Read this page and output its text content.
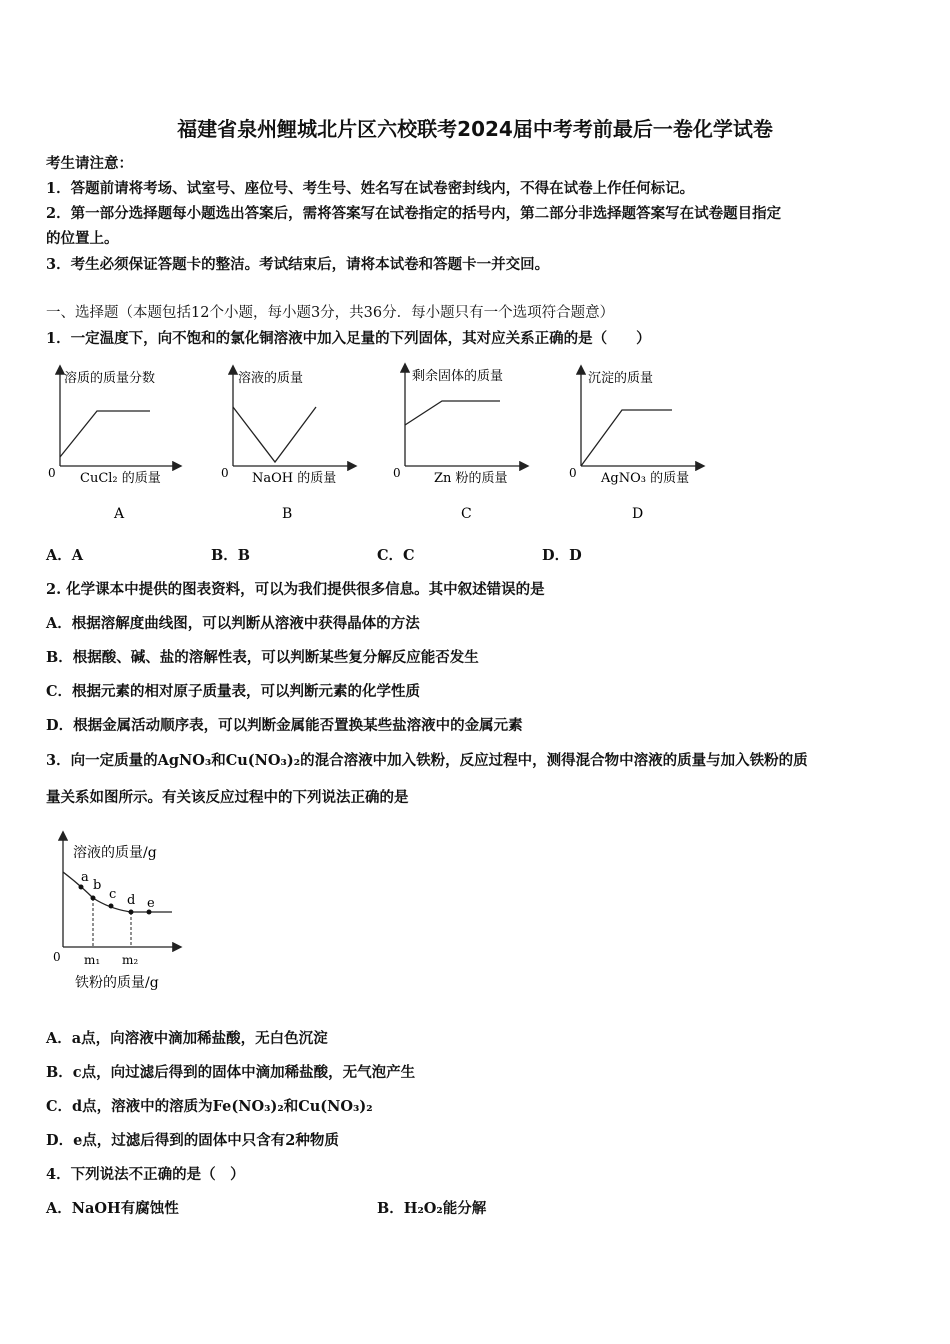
福建省泉州鲤城北片区六校联考2024届中考考前最后一卷化学试卷
考生请注意：
1．答题前请将考场、试室号、座位号、考生号、姓名写在试卷密封线内，不得在试卷上作任何标记。
2．第一部分选择题每小题选出答案后，需将答案写在试卷指定的括号内，第二部分非选择题答案写在试卷题目指定
的位置上。
3．考生必须保证答题卡的整洁。考试结束后，请将本试卷和答题卡一并交回。
一、选择题（本题包括12个小题，每小题3分，共36分．每小题只有一个选项符合题意）
1．一定温度下，向不饱和的氯化铜溶液中加入足量的下列固体，其对应关系正确的是（　　）
溶质的质量分数
CuCl₂ 的质量
0
A
溶液的质量
NaOH 的质量
0
B
剩余固体的质量
Zn 粉的质量
0
C
沉淀的质量
AgNO₃ 的质量
0
D
A．A	B．B	C．C	D．D
2. 化学课本中提供的图表资料，可以为我们提供很多信息。其中叙述错误的是
A．根据溶解度曲线图，可以判断从溶液中获得晶体的方法
B．根据酸、碱、盐的溶解性表，可以判断某些复分解反应能否发生
C．根据元素的相对原子质量表，可以判断元素的化学性质
D．根据金属活动顺序表，可以判断金属能否置换某些盐溶液中的金属元素
3．向一定质量的AgNO₃和Cu(NO₃)₂的混合溶液中加入铁粉，反应过程中，测得混合物中溶液的质量与加入铁粉的质
量关系如图所示。有关该反应过程中的下列说法正确的是
a
b
c d e
溶液的质量/g
0 m₁ m₂
铁粉的质量/g
A．a点，向溶液中滴加稀盐酸，无白色沉淀
B．c点，向过滤后得到的固体中滴加稀盐酸，无气泡产生
C．d点，溶液中的溶质为Fe(NO₃)₂和Cu(NO₃)₂
D．e点，过滤后得到的固体中只含有2种物质
4．下列说法不正确的是（　）
A．NaOH有腐蚀性	B．H₂O₂能分解
